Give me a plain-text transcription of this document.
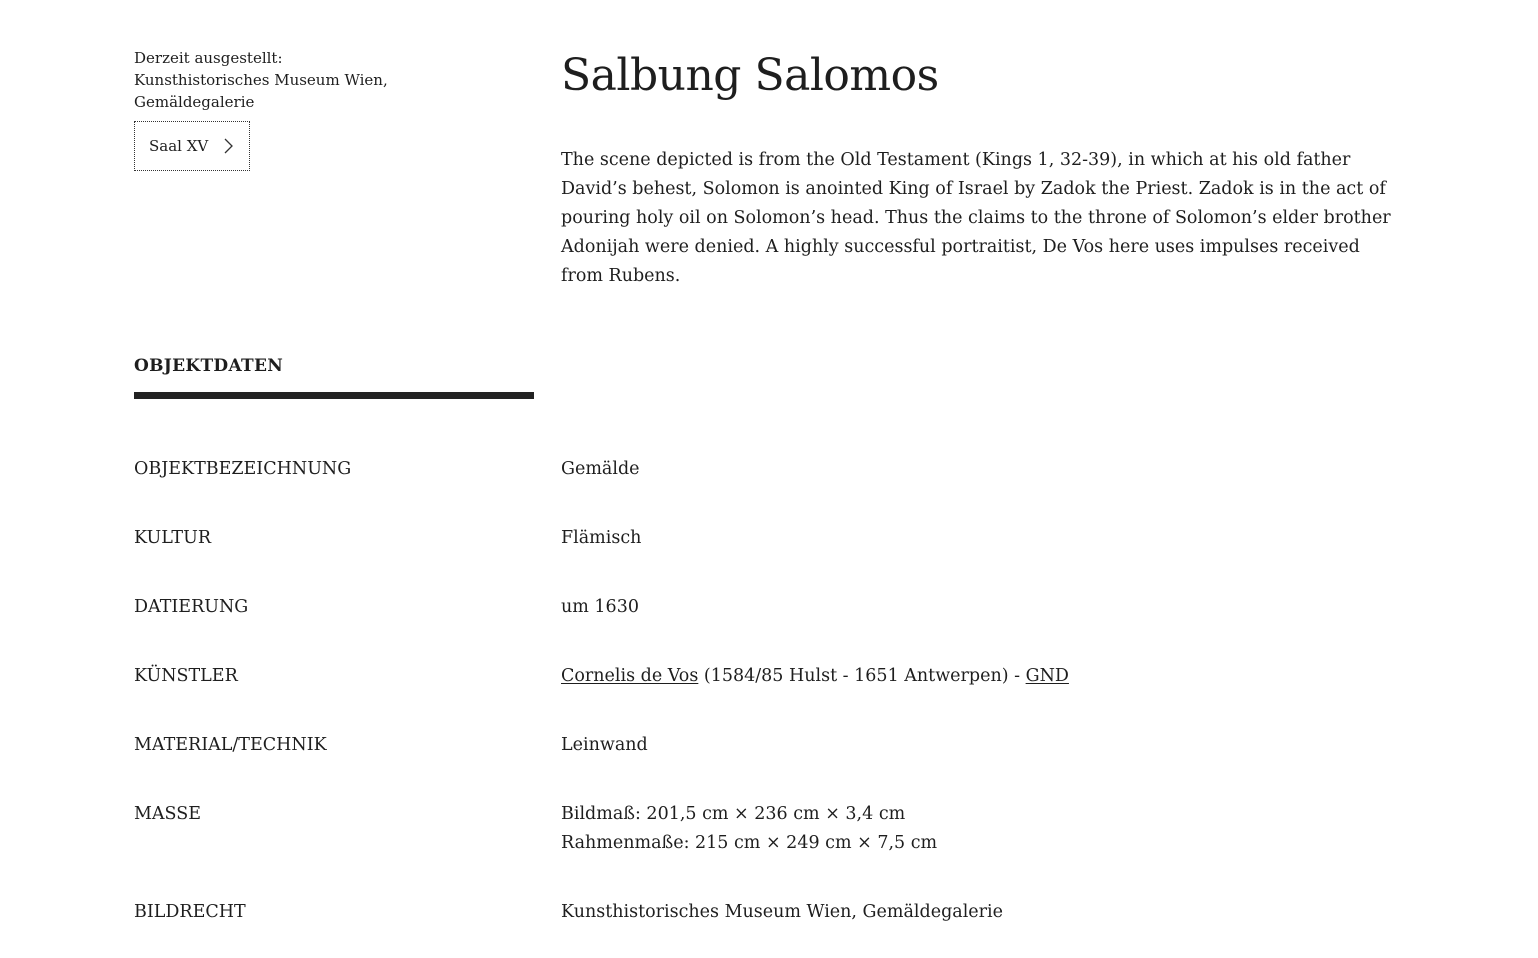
Derzeit ausgestellt:

Kunsthistorisches Museum Wien,

Gemäldegalerie

Saal XV
Salbung Salomos

The scene depicted is from the Old Testament (Kings 1, 32-39), in which at his old father David’s behest, Solomon is anointed King of Israel by Zadok the Priest. Zadok is in the act of pouring holy oil on Solomon’s head. Thus the claims to the throne of Solomon’s elder brother Adonijah were denied. A highly successful portraitist, De Vos here uses impulses received from Rubens.

OBJEKTDATEN
OBJEKTBEZEICHNUNG	Gemälde
KULTUR	Flämisch
DATIERUNG	um 1630
KÜNSTLER	Cornelis de Vos (1584/85 Hulst - 1651 Antwerpen) - GND
MATERIAL/TECHNIK	Leinwand
MASSE	Bildmaß: 201,5 cm × 236 cm × 3,4 cm
Rahmenmaße: 215 cm × 249 cm × 7,5 cm
BILDRECHT	Kunsthistorisches Museum Wien, Gemäldegalerie
